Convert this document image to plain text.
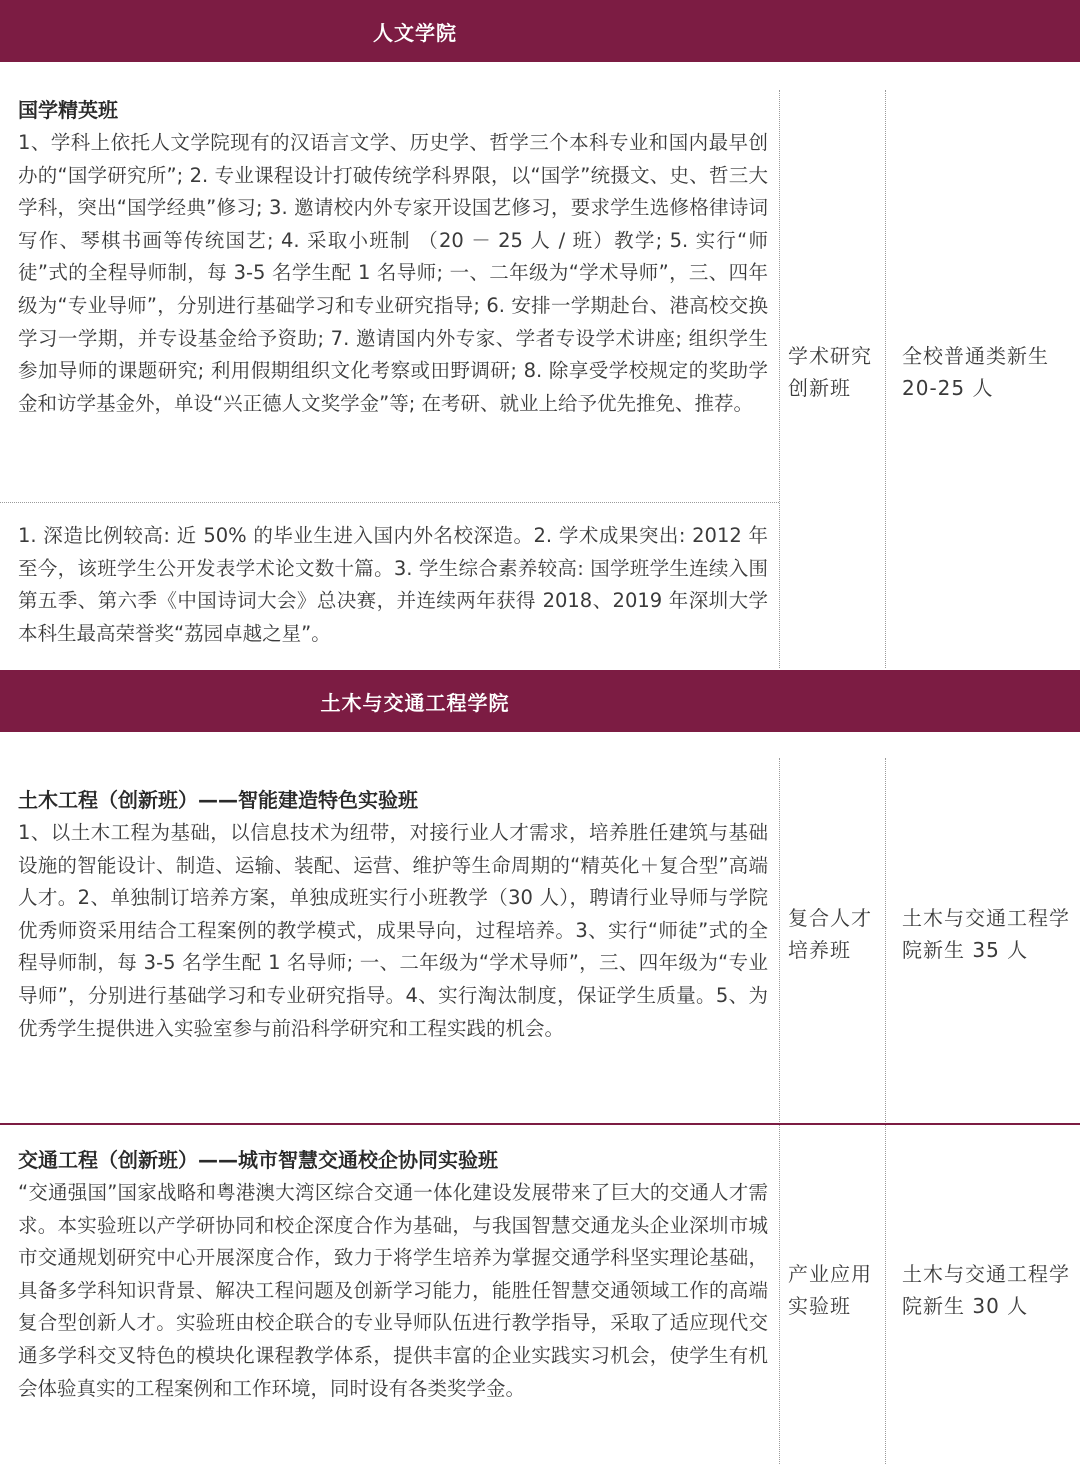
人文学院
国学精英班

1、学科上依托人文学院现有的汉语言文学、历史学、哲学三个本科专业和国内最早创办的“国学研究所”; 2. 专业课程设计打破传统学科界限，以“国学”统摄文、史、哲三大学科，突出“国学经典”修习; 3. 邀请校内外专家开设国艺修习，要求学生选修格律诗词写作、琴棋书画等传统国艺; 4. 采取小班制 （20 － 25 人 / 班）教学; 5. 实行“师徒”式的全程导师制，每 3-5 名学生配 1 名导师; 一、二年级为“学术导师”，三、四年级为“专业导师”，分别进行基础学习和专业研究指导; 6. 安排一学期赴台、港高校交换学习一学期，并专设基金给予资助; 7. 邀请国内外专家、学者专设学术讲座; 组织学生参加导师的课题研究; 利用假期组织文化考察或田野调研; 8. 除享受学校规定的奖助学金和访学基金外，单设“兴正德人文奖学金”等; 在考研、就业上给予优先推免、推荐。

1. 深造比例较高: 近 50% 的毕业生进入国内外名校深造。2. 学术成果突出: 2012 年至今，该班学生公开发表学术论文数十篇。3. 学生综合素养较高: 国学班学生连续入围第五季、第六季《中国诗词大会》总决赛，并连续两年获得 2018、2019 年深圳大学本科生最高荣誉奖“荔园卓越之星”。
学术研究创新班
全校普通类新生 20-25 人
土木与交通工程学院
土木工程（创新班）——智能建造特色实验班

1、以土木工程为基础，以信息技术为纽带，对接行业人才需求，培养胜任建筑与基础设施的智能设计、制造、运输、装配、运营、维护等生命周期的“精英化＋复合型”高端人才。2、单独制订培养方案，单独成班实行小班教学（30 人），聘请行业导师与学院优秀师资采用结合工程案例的教学模式，成果导向，过程培养。3、实行“师徒”式的全程导师制，每 3-5 名学生配 1 名导师; 一、二年级为“学术导师”，三、四年级为“专业导师”，分别进行基础学习和专业研究指导。4、实行淘汰制度，保证学生质量。5、为优秀学生提供进入实验室参与前沿科学研究和工程实践的机会。

复合人才培养班
土木与交通工程学院新生 35 人
交通工程（创新班）——城市智慧交通校企协同实验班

“交通强国”国家战略和粤港澳大湾区综合交通一体化建设发展带来了巨大的交通人才需求。本实验班以产学研协同和校企深度合作为基础，与我国智慧交通龙头企业深圳市城市交通规划研究中心开展深度合作，致力于将学生培养为掌握交通学科坚实理论基础，具备多学科知识背景、解决工程问题及创新学习能力，能胜任智慧交通领域工作的高端复合型创新人才。实验班由校企联合的专业导师队伍进行教学指导，采取了适应现代交通多学科交叉特色的模块化课程教学体系，提供丰富的企业实践实习机会，使学生有机会体验真实的工程案例和工作环境，同时设有各类奖学金。

产业应用实验班
土木与交通工程学院新生 30 人
